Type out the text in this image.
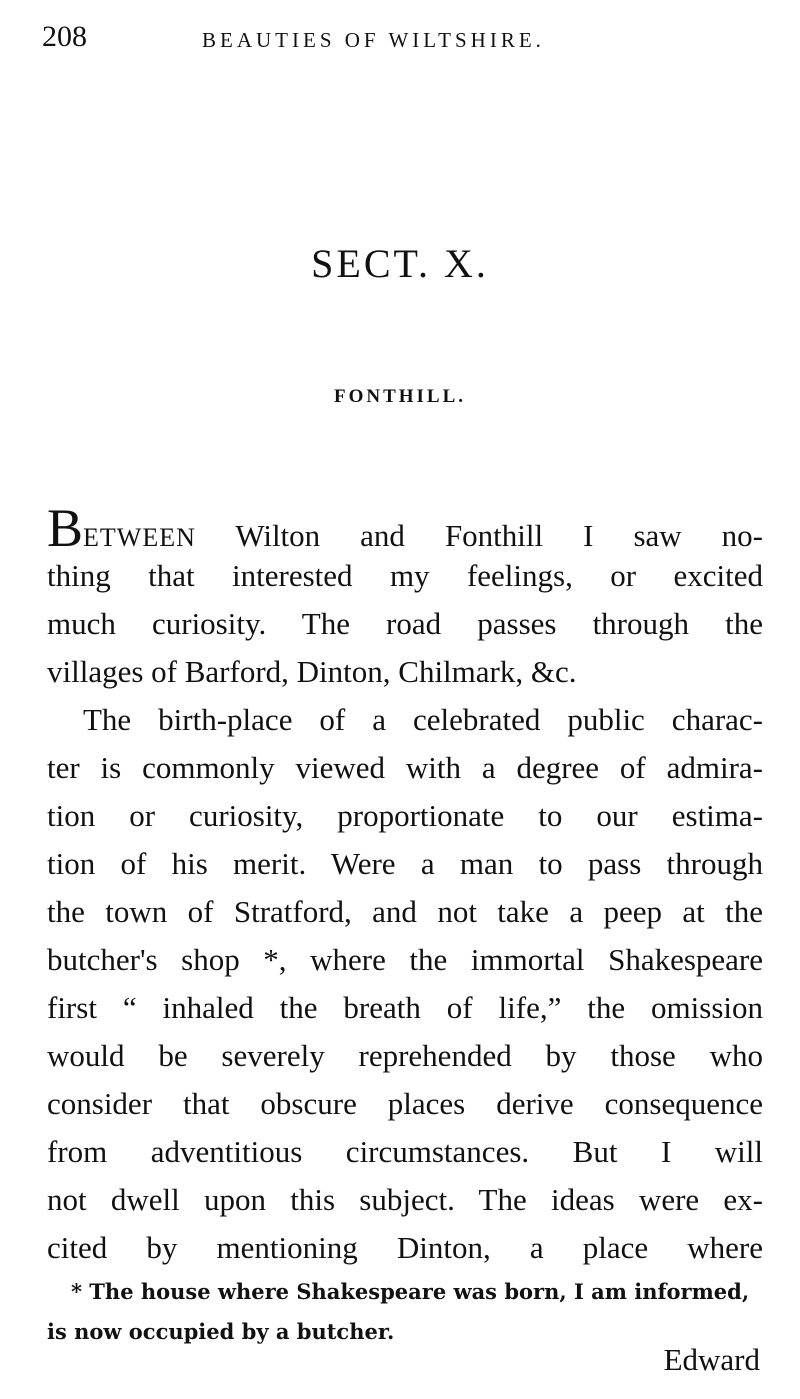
208	BEAUTIES OF WILTSHIRE.
SECT. X.
FONTHILL.
BETWEEN Wilton and Fonthill I saw no-
thing that interested my feelings, or excited
much curiosity. The road passes through the
villages of Barford, Dinton, Chilmark, &c.
The birth-place of a celebrated public charac-
ter is commonly viewed with a degree of admira-
tion or curiosity, proportionate to our estima-
tion of his merit. Were a man to pass through
the town of Stratford, and not take a peep at the
butcher's shop *, where the immortal Shakespeare
first “ inhaled the breath of life,” the omission
would be severely reprehended by those who
consider that obscure places derive consequence
from adventitious circumstances. But I will
not dwell upon this subject. The ideas were ex-
cited by mentioning Dinton, a place where
* The house where Shakespeare was born, I am informed,
is now occupied by a butcher.
Edward
